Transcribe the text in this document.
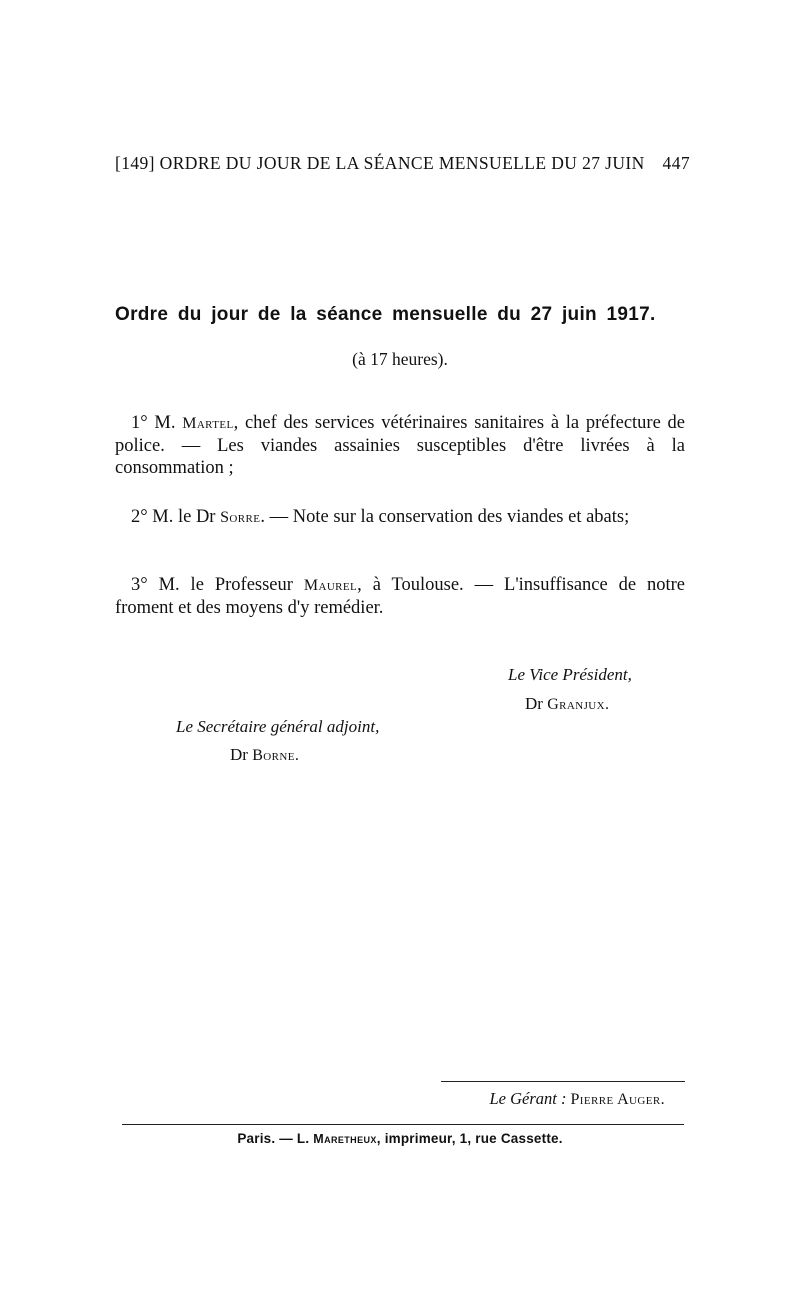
[149] ORDRE DU JOUR DE LA SÉANCE MENSUELLE DU 27 JUIN 447
Ordre du jour de la séance mensuelle du 27 juin 1917.
(à 17 heures).
1° M. Martel, chef des services vétérinaires sanitaires à la préfecture de police. — Les viandes assainies susceptibles d'être livrées à la consommation ;
2° M. le Dr Sorre. — Note sur la conservation des viandes et abats;
3° M. le Professeur Maurel, à Toulouse. — L'insuffisance de notre froment et des moyens d'y remédier.
Le Vice Président,
Dr Granjux.
Le Secrétaire général adjoint,
Dr Borne.
Le Gérant : Pierre Auger.
Paris. — L. Maretheux, imprimeur, 1, rue Cassette.
